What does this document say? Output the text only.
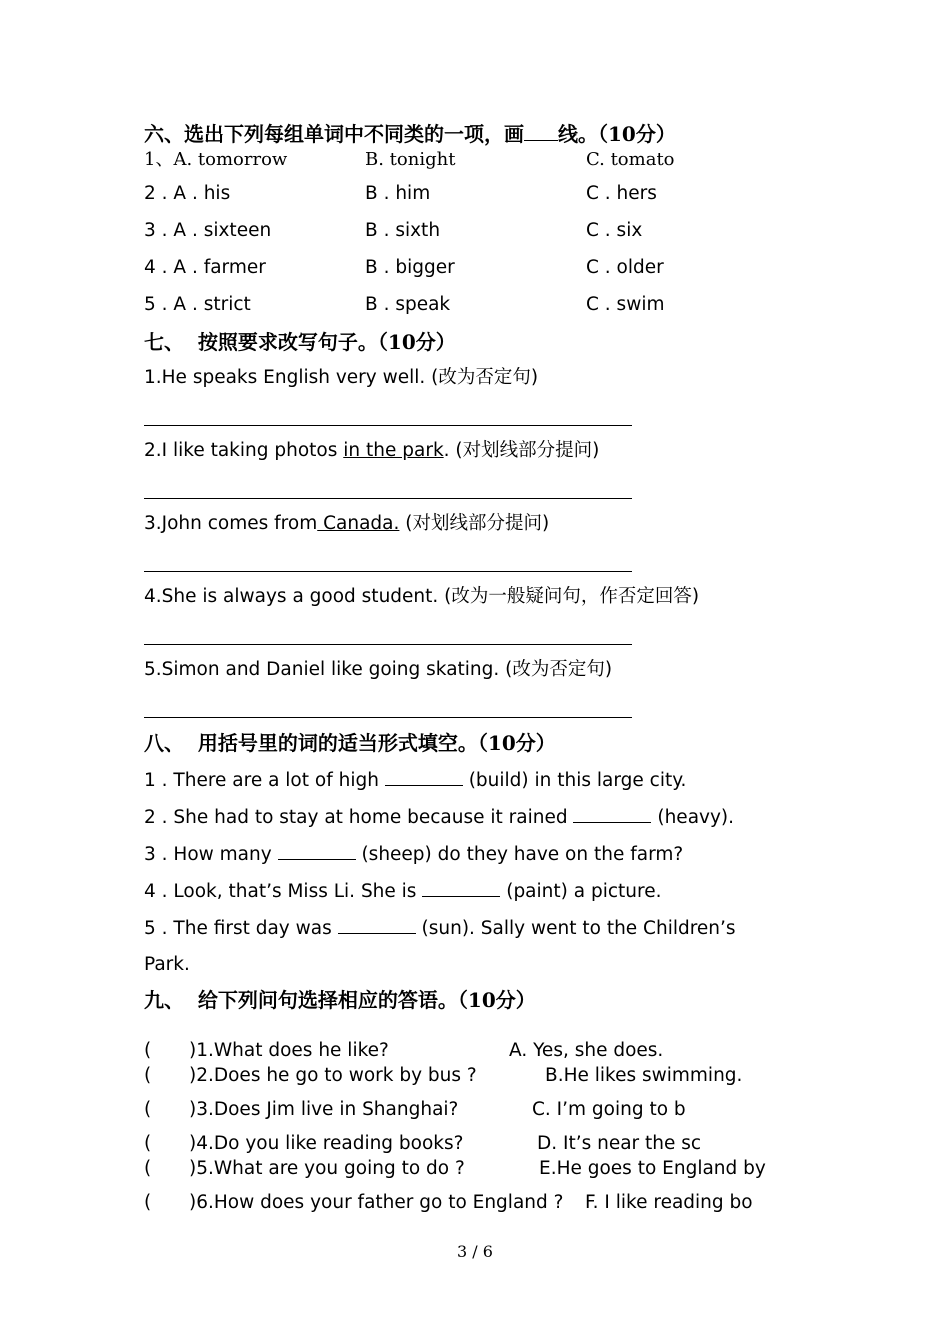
六、选出下列每组单词中不同类的一项，画 线。（10分）
1、A. tomorrow	B. tonight	C. tomato
2 . A . his	B . him	C . hers
3 . A . sixteen	B . sixth	C . six
4 . A . farmer	B . bigger	C . older
5 . A . strict	B . speak	C . swim
七、  按照要求改写句子。（10分）
1.He speaks English very well. (改为否定句)
2.I like taking photos in the park. (对划线部分提问)
3.John comes from Canada. (对划线部分提问)
4.She is always a good student. (改为一般疑问句，作否定回答)
5.Simon and Daniel like going skating. (改为否定句)
八、  用括号里的词的适当形式填空。（10分）
1 . There are a lot of high	(build) in this large city.
2 . She had to stay at home because it rained	(heavy).
3 . How many	(sheep) do they have on the farm?
4 . Look, that’s Miss Li. She is	(paint) a picture.
5 . The first day was	(sun). Sally went to the Children’s
Park.
九、  给下列问句选择相应的答语。（10分）
( )1.What does he like?	A. Yes, she does.
( )2.Does he go to work by bus ?	B.He likes swimming.
( )3.Does Jim live in Shanghai?	C. I’m going to b
( )4.Do you like reading books?	D. It’s near the sc
( )5.What are you going to do ?	E.He goes to England by
( )6.How does your father go to England ? F. I like reading bo
3 / 6
